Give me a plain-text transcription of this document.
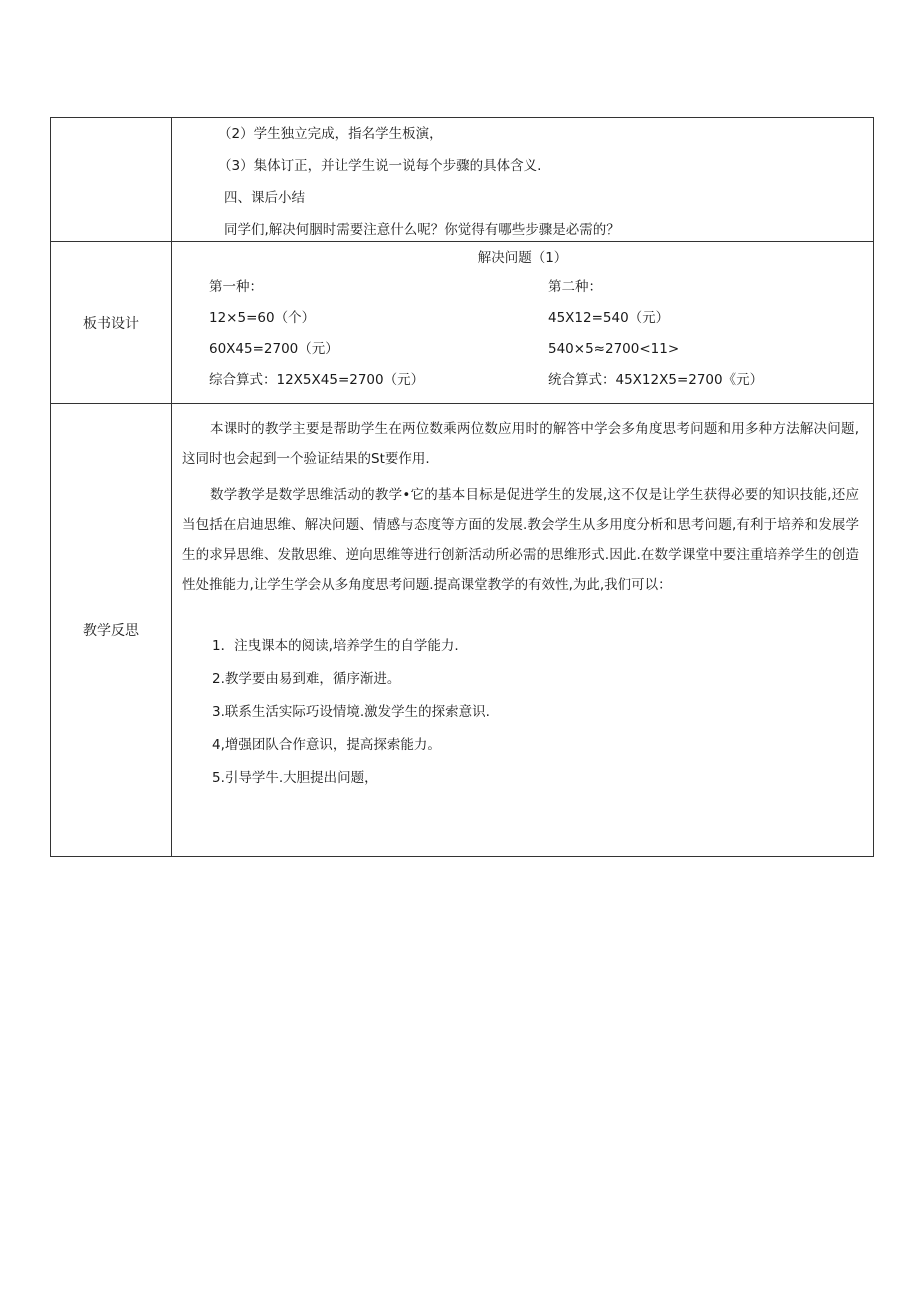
（2）学生独立完成，指名学生板演，
（3）集体订正，并让学生说一说每个步骤的具体含义.
四、课后小结
同学们,解决何胭时需要注意什么呢？你觉得有哪些步骤是必需的？
板书设计
解决问题（1）
第一种：
12×5=60（个）
60X45=2700（元）
综合算式：12X5X45=2700（元）
第二种：
45X12=540（元）
540×5≈2700<11>
统合算式：45X12X5=2700《元）
教学反思

本课时的教学主要是帮助学生在两位数乘两位数应用时的解答中学会多角度思考问题和用多种方法解决问题,这同时也会起到一个验证结果的St要作用.

数学教学是数学思维活动的教学•它的基本目标是促进学生的发展,这不仅是让学生获得必要的知识技能,还应当包括在启迪思维、解决问题、情感与态度等方面的发展.教会学生从多用度分析和思考问题,有利于培养和发展学生的求异思维、发散思维、逆向思维等进行创新活动所必需的思维形式.因此.在数学课堂中要注重培养学生的创造性处推能力,让学生学会从多角度思考问题.提高课堂教学的有效性,为此,我们可以：

1．注曳课本的阅读,培养学生的自学能力.
2.教学要由易到难，循序渐进。
3.联系生活实际巧设情境.激发学生的探索意识.
4,增强团队合作意识，提高探索能力。
5.引导学牛.大胆提出问题，
